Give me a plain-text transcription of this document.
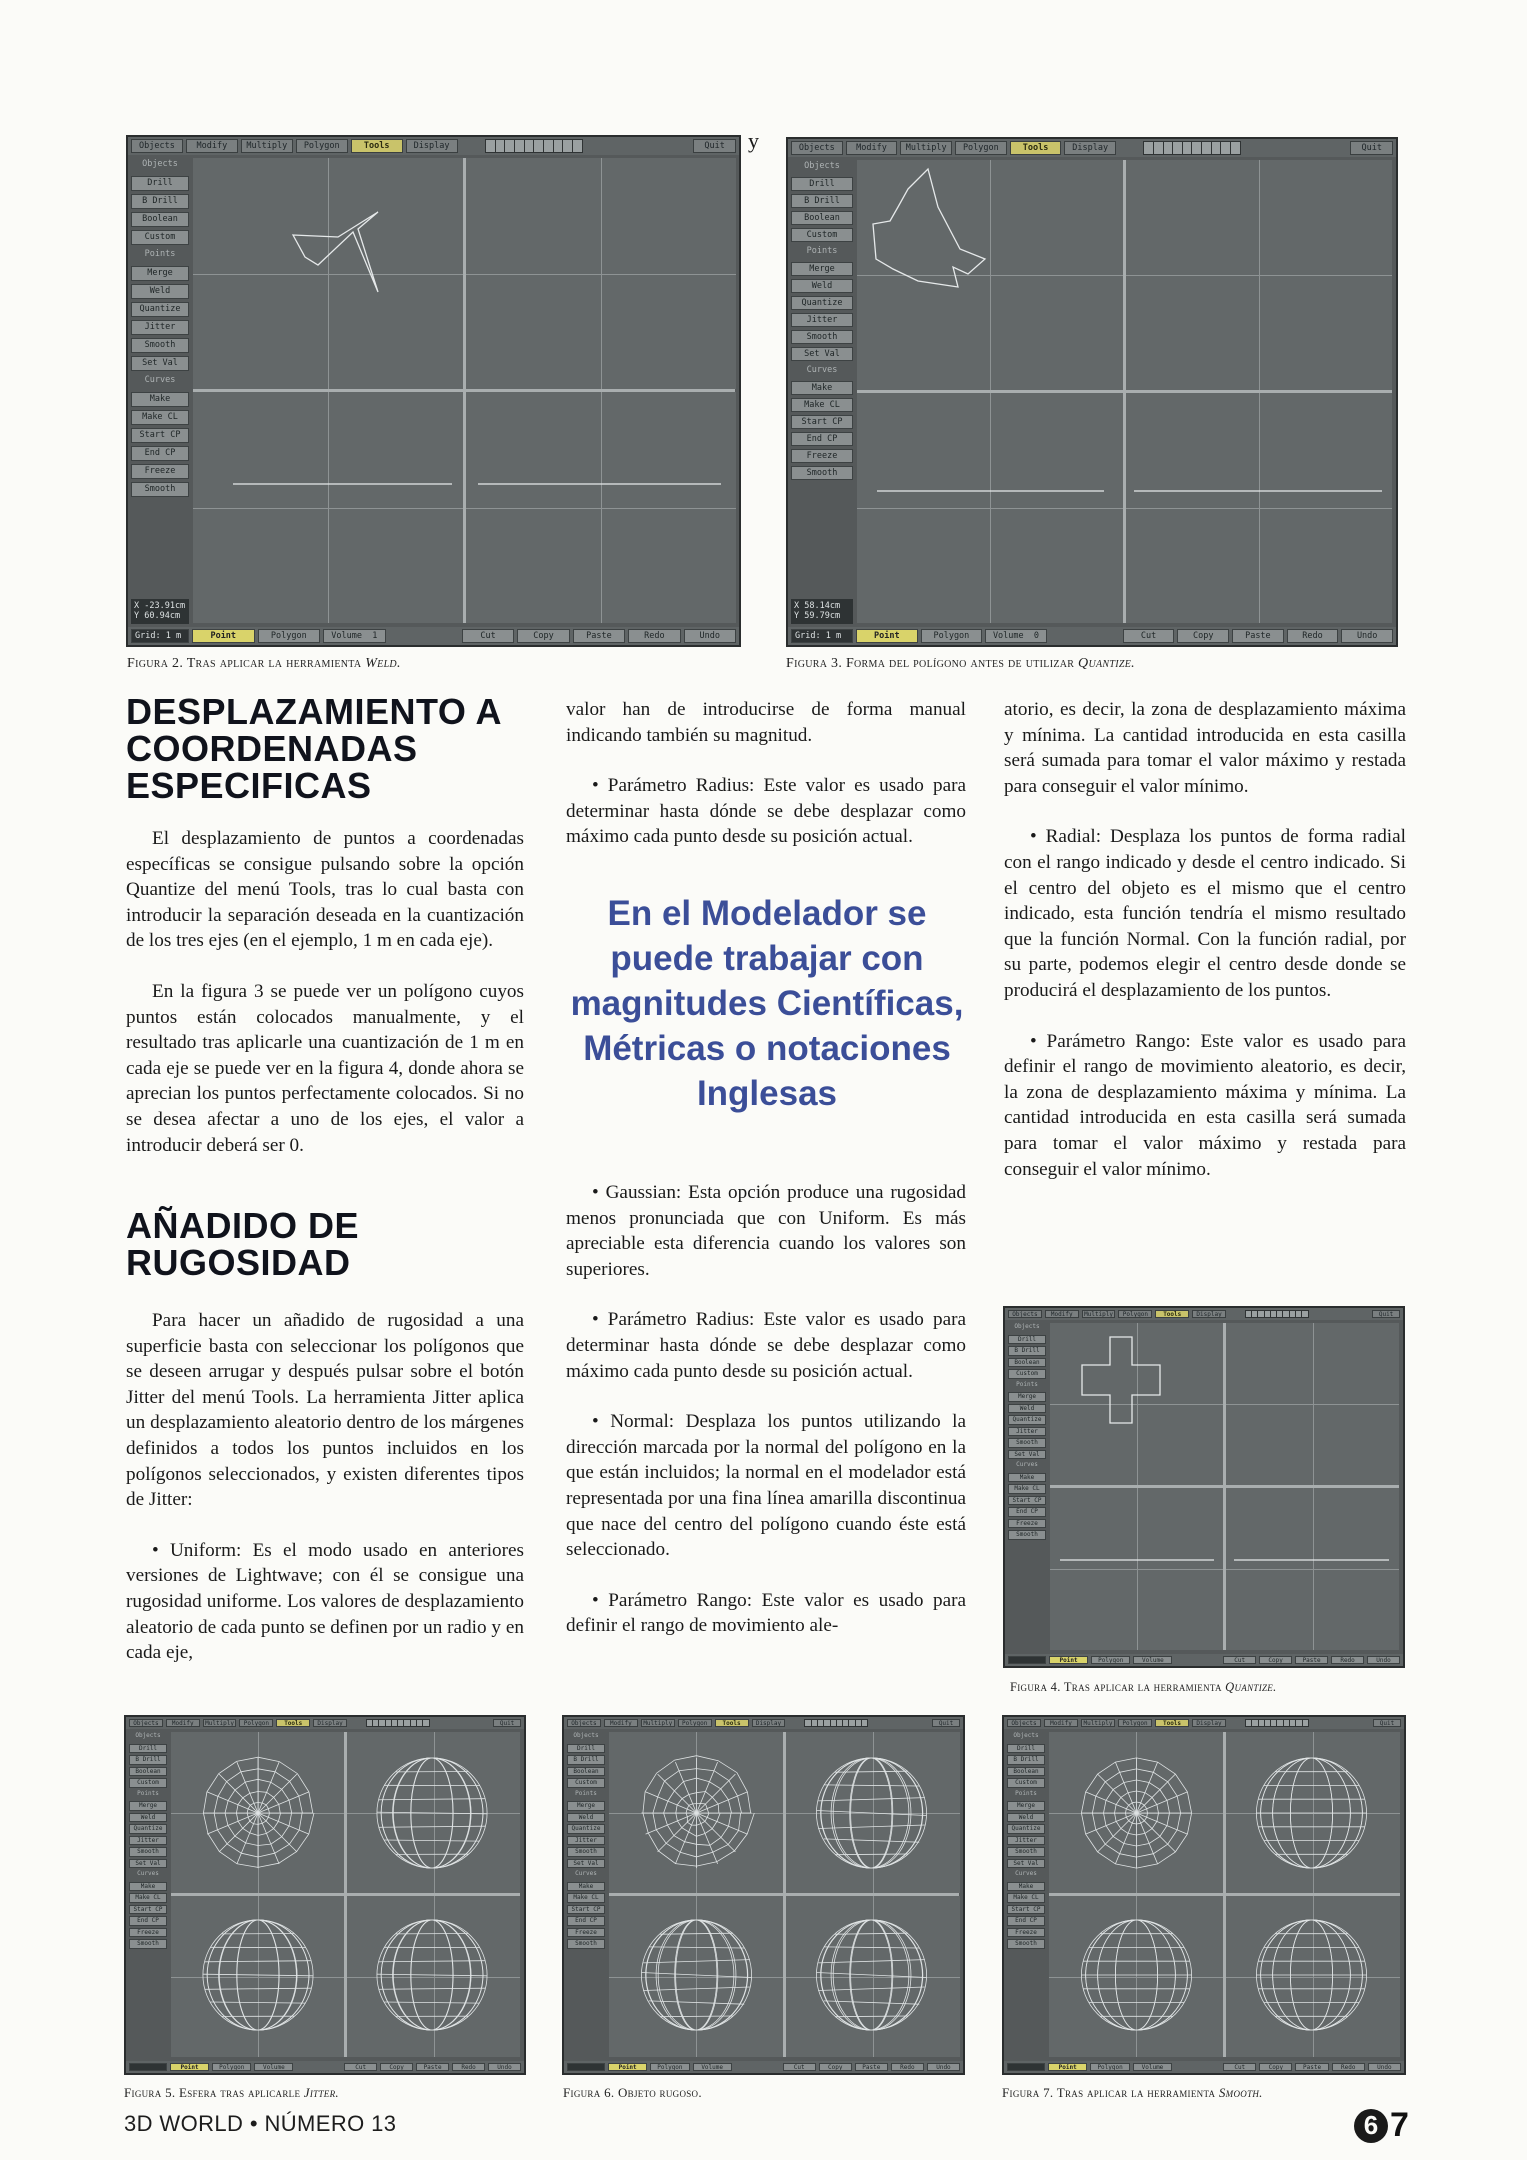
Objects	Modify	Multiply	Polygon	Tools	Display	Quit
Objects
Drill
B Drill
Boolean
Custom
Points
Merge
Weld
Quantize
Jitter
Smooth
Set Val
Curves
Make
Make CL
Start CP
End CP
Freeze
Smooth
X -23.91cm
Y 60.94cm
Grid: 1 m	Point	Polygon	Volume
1	Cut	Copy	Paste	Redo	Undo
y
Figura 2. Tras aplicar la herramienta Weld.
Objects	Modify	Multiply	Polygon	Tools	Display	Quit
Objects
Drill
B Drill
Boolean
Custom
Points
Merge
Weld
Quantize
Jitter
Smooth
Set Val
Curves
Make
Make CL
Start CP
End CP
Freeze
Smooth
X 58.14cm
Y 59.79cm
Grid: 1 m	Point	Polygon	Volume
0	Cut	Copy	Paste	Redo	Undo
Figura 3. Forma del polígono antes de utilizar Quantize.
DESPLAZAMIENTO A COORDENADAS ESPECIFICAS

El desplazamiento de puntos a coordenadas específicas se consigue pulsando sobre la opción Quantize del menú Tools, tras lo cual basta con introducir la separación deseada en la cuantización de los tres ejes (en el ejemplo, 1 m en cada eje).

En la figura 3 se puede ver un polígono cuyos puntos están colocados manualmente, y el resultado tras aplicarle una cuantización de 1 m en cada eje se puede ver en la figura 4, donde ahora se aprecian los puntos perfectamente colocados. Si no se desea afectar a uno de los ejes, el valor a introducir deberá ser 0.

AÑADIDO DE RUGOSIDAD

Para hacer un añadido de rugosidad a una superficie basta con seleccionar los polígonos que se deseen arrugar y después pulsar sobre el botón Jitter del menú Tools. La herramienta Jitter aplica un desplazamiento aleatorio dentro de los márgenes definidos a todos los puntos incluidos en los polígonos seleccionados, y existen diferentes tipos de Jitter:

• Uniform: Es el modo usado en anteriores versiones de Lightwave; con él se consigue una rugosidad uniforme. Los valores de desplazamiento aleatorio de cada punto se definen por un radio y en cada eje,

valor han de introducirse de forma manual indicando también su magnitud.

• Parámetro Radius: Este valor es usado para determinar hasta dónde se debe desplazar como máximo cada punto desde su posición actual.

En el Modelador se puede trabajar con magnitudes Científicas, Métricas o notaciones Inglesas

• Gaussian: Esta opción produce una rugosidad menos pronunciada que con Uniform. Es más apreciable esta diferencia cuando los valores son superiores.

• Parámetro Radius: Este valor es usado para determinar hasta dónde se debe desplazar como máximo cada punto desde su posición actual.

• Normal: Desplaza los puntos utilizando la dirección marcada por la normal del polígono en la que están incluidos; la normal en el modelador está representada por una fina línea amarilla discontinua que nace del centro del polígono cuando éste está seleccionado.

• Parámetro Rango: Este valor es usado para definir el rango de movimiento ale-

atorio, es decir, la zona de desplazamiento máxima y mínima. La cantidad introducida en esta casilla será sumada para tomar el valor máximo y restada para conseguir el valor mínimo.

• Radial: Desplaza los puntos de forma radial con el rango indicado y desde el centro indicado. Si el centro del objeto es el mismo que el centro indicado, esta función tendría el mismo resultado que la función Normal. Con la función radial, por su parte, podemos elegir el centro desde donde se producirá el desplazamiento de los puntos.

• Parámetro Rango: Este valor es usado para definir el rango de movimiento aleatorio, es decir, la zona de desplazamiento máxima y mínima. La cantidad introducida en esta casilla será sumada para tomar el valor máximo y restada para conseguir el valor mínimo.

Objects	Modify	Multiply	Polygon	Tools	Display	Quit
Objects
Drill
B Drill
Boolean
Custom
Points
Merge
Weld
Quantize
Jitter
Smooth
Set Val
Curves
Make
Make CL
Start CP
End CP
Freeze
Smooth
Point	Polygon	Volume	Cut	Copy	Paste	Redo	Undo
Figura 4. Tras aplicar la herramienta Quantize.
Objects	Modify	Multiply	Polygon	Tools	Display	Quit
Objects
Drill
B Drill
Boolean
Custom
Points
Merge
Weld
Quantize
Jitter
Smooth
Set Val
Curves
Make
Make CL
Start CP
End CP
Freeze
Smooth
Point	Polygon	Volume	Cut	Copy	Paste	Redo	Undo
Figura 5. Esfera tras aplicarle Jitter.
Objects	Modify	Multiply	Polygon	Tools	Display	Quit
Objects
Drill
B Drill
Boolean
Custom
Points
Merge
Weld
Quantize
Jitter
Smooth
Set Val
Curves
Make
Make CL
Start CP
End CP
Freeze
Smooth
Point	Polygon	Volume	Cut	Copy	Paste	Redo	Undo
Figura 6. Objeto rugoso.
Objects	Modify	Multiply	Polygon	Tools	Display	Quit
Objects
Drill
B Drill
Boolean
Custom
Points
Merge
Weld
Quantize
Jitter
Smooth
Set Val
Curves
Make
Make CL
Start CP
End CP
Freeze
Smooth
Point	Polygon	Volume	Cut	Copy	Paste	Redo	Undo
Figura 7. Tras aplicar la herramienta Smooth.
3D WORLD • NÚMERO 13	6 7
